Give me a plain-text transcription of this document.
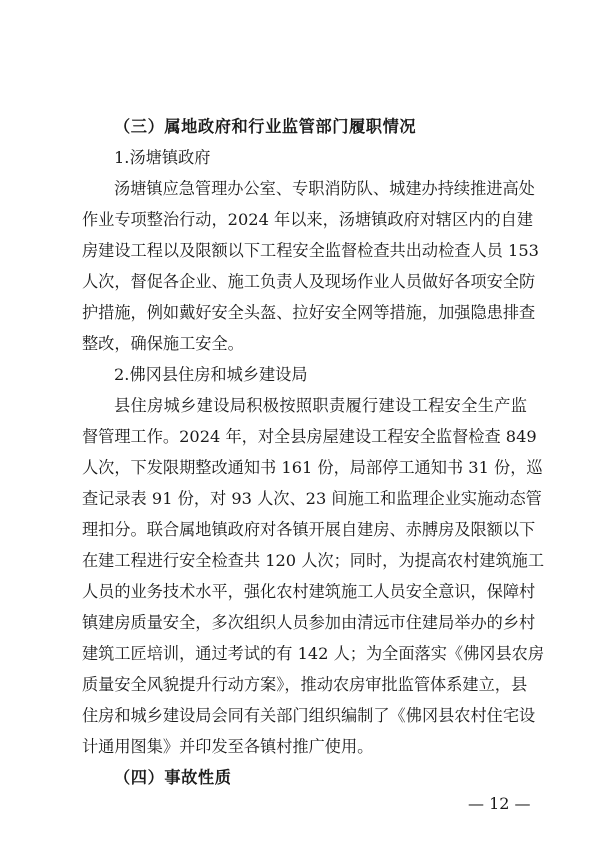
（三）属地政府和行业监管部门履职情况
1.汤塘镇政府
汤塘镇应急管理办公室、专职消防队、城建办持续推进高处
作业专项整治行动，2024 年以来，汤塘镇政府对辖区内的自建
房建设工程以及限额以下工程安全监督检查共出动检查人员 153
人次，督促各企业、施工负责人及现场作业人员做好各项安全防
护措施，例如戴好安全头盔、拉好安全网等措施，加强隐患排查
整改，确保施工安全。
2.佛冈县住房和城乡建设局
县住房城乡建设局积极按照职责履行建设工程安全生产监
督管理工作。2024 年，对全县房屋建设工程安全监督检查 849
人次，下发限期整改通知书 161 份，局部停工通知书 31 份，巡
查记录表 91 份，对 93 人次、23 间施工和监理企业实施动态管
理扣分。联合属地镇政府对各镇开展自建房、赤膊房及限额以下
在建工程进行安全检查共 120 人次；同时，为提高农村建筑施工
人员的业务技术水平，强化农村建筑施工人员安全意识，保障村
镇建房质量安全，多次组织人员参加由清远市住建局举办的乡村
建筑工匠培训，通过考试的有 142 人；为全面落实《佛冈县农房
质量安全风貌提升行动方案》，推动农房审批监管体系建立，县
住房和城乡建设局会同有关部门组织编制了《佛冈县农村住宅设
计通用图集》并印发至各镇村推广使用。
（四）事故性质
— 12 —
